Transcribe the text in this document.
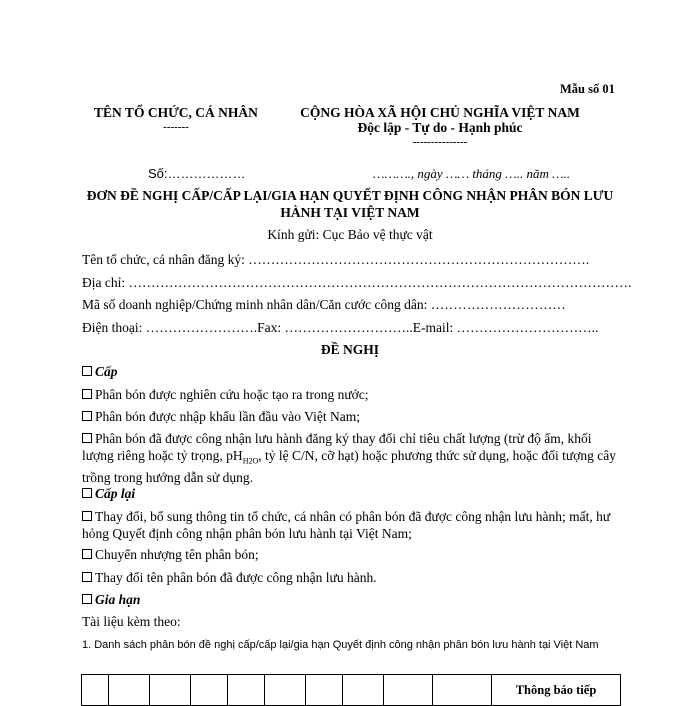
Mẫu số 01
TÊN TỔ CHỨC, CÁ NHÂN
-------
CỘNG HÒA XÃ HỘI CHỦ NGHĨA VIỆT NAM
Độc lập - Tự do - Hạnh phúc
---------------
Số:………………	………., ngày …… tháng ….. năm …..
ĐƠN ĐỀ NGHỊ CẤP/CẤP LẠI/GIA HẠN QUYẾT ĐỊNH CÔNG NHẬN PHÂN BÓN LƯU HÀNH TẠI VIỆT NAM
Kính gửi: Cục Bảo vệ thực vật
Tên tổ chức, cá nhân đăng ký: ………………………………………………………………….
Địa chỉ: ………………………………………………………………………………………………….
Mã số doanh nghiệp/Chứng minh nhân dân/Căn cước công dân: …………………………
Điện thoại: …………………….Fax: ………………………..E-mail: …………………………..
ĐỀ NGHỊ
Cấp
Phân bón được nghiên cứu hoặc tạo ra trong nước;
Phân bón được nhập khẩu lần đầu vào Việt Nam;
Phân bón đã được công nhận lưu hành đăng ký thay đổi chỉ tiêu chất lượng (trừ độ ẩm, khối lượng riêng hoặc tỷ trọng, $pH_{H2O}$, tỷ lệ C/N, cỡ hạt) hoặc phương thức sử dụng, hoặc đối tượng cây trồng trong hướng dẫn sử dụng.
Cấp lại
Thay đổi, bổ sung thông tin tổ chức, cá nhân có phân bón đã được công nhận lưu hành; mất, hư hỏng Quyết định công nhận phân bón lưu hành tại Việt Nam;
Chuyển nhượng tên phân bón;
Thay đổi tên phân bón đã được công nhận lưu hành.
Gia hạn
Tài liệu kèm theo:
1. Danh sách phân bón đề nghị cấp/cấp lại/gia hạn Quyết định công nhận phân bón lưu hành tại Việt Nam
										Thông báo tiếp
